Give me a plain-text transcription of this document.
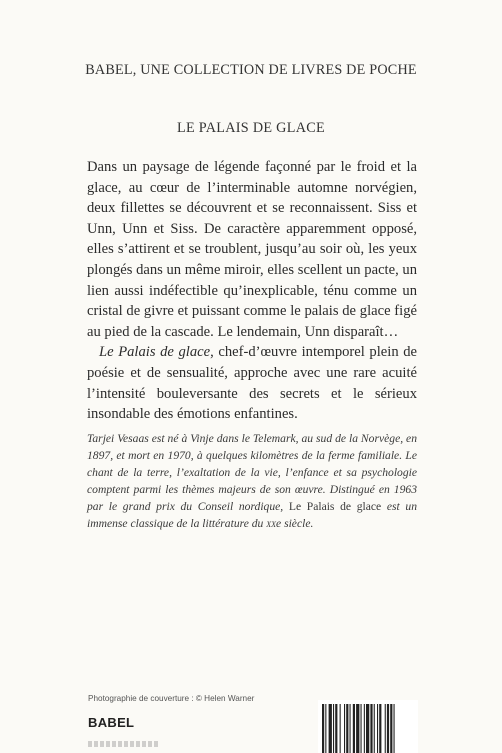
BABEL, UNE COLLECTION DE LIVRES DE POCHE
LE PALAIS DE GLACE

Dans un paysage de légende façonné par le froid et la glace, au cœur de l’interminable automne norvégien, deux fillettes se découvrent et se reconnaissent. Siss et Unn, Unn et Siss. De caractère apparemment opposé, elles s’attirent et se troublent, jusqu’au soir où, les yeux plongés dans un même miroir, elles scellent un pacte, un lien aussi indéfectible qu’inexplicable, ténu comme un cristal de givre et puissant comme le palais de glace figé au pied de la cascade. Le lendemain, Unn disparaît…

Le Palais de glace, chef-d’œuvre intemporel plein de poésie et de sensualité, approche avec une rare acuité l’intensité bouleversante des secrets et le sérieux insondable des émotions enfantines.

Tarjei Vesaas est né à Vinje dans le Telemark, au sud de la Norvège, en 1897, et mort en 1970, à quelques kilomètres de la ferme familiale. Le chant de la terre, l’exaltation de la vie, l’enfance et sa psychologie comptent parmi les thèmes majeurs de son œuvre. Distingué en 1963 par le grand prix du Conseil nordique, Le Palais de glace est un immense classique de la littérature du xxe siècle.
Photographie de couverture : © Helen Warner
BABEL
